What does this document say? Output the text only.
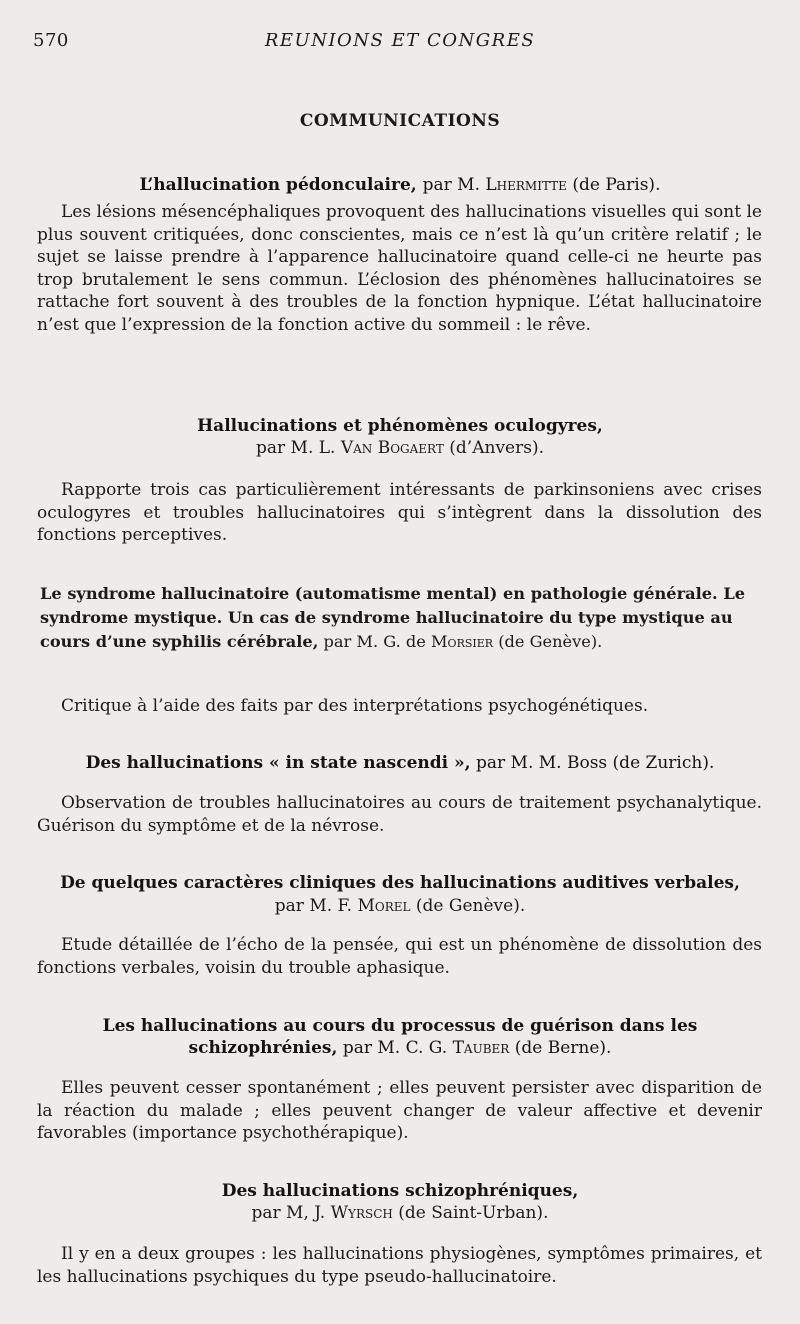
570	REUNIONS ET CONGRES
COMMUNICATIONS
L’hallucination pédonculaire, par M. Lhermitte (de Paris).

Les lésions mésencéphaliques provoquent des hallucinations visuelles qui sont le plus souvent critiquées, donc conscientes, mais ce n’est là qu’un critère relatif ; le sujet se laisse prendre à l’apparence hallucinatoire quand celle-ci ne heurte pas trop brutalement le sens commun. L’éclosion des phénomènes hallucinatoires se rattache fort souvent à des troubles de la fonction hypnique. L’état hallucinatoire n’est que l’expression de la fonction active du sommeil : le rêve.

Hallucinations et phénomènes oculogyres,
par M. L. Van Bogaert (d’Anvers).

Rapporte trois cas particulièrement intéressants de parkinsoniens avec crises oculogyres et troubles hallucinatoires qui s’intègrent dans la dissolution des fonctions perceptives.

Le syndrome hallucinatoire (automatisme mental) en pathologie générale. Le syndrome mystique. Un cas de syndrome hallucinatoire du type mystique au cours d’une syphilis cérébrale, par M. G. de Morsier (de Genève).

Critique à l’aide des faits par des interprétations psychogénétiques.

Des hallucinations « in state nascendi », par M. M. Boss (de Zurich).

Observation de troubles hallucinatoires au cours de traitement psychanalytique. Guérison du symptôme et de la névrose.

De quelques caractères cliniques des hallucinations auditives verbales,
par M. F. Morel (de Genève).

Etude détaillée de l’écho de la pensée, qui est un phénomène de dissolution des fonctions verbales, voisin du trouble aphasique.

Les hallucinations au cours du processus de guérison dans les schizophrénies, par M. C. G. Tauber (de Berne).

Elles peuvent cesser spontanément ; elles peuvent persister avec disparition de la réaction du malade ; elles peuvent changer de valeur affective et devenir favorables (importance psychothérapique).

Des hallucinations schizophréniques,
par M, J. Wyrsch (de Saint-Urban).

Il y en a deux groupes : les hallucinations physiogènes, symptômes primaires, et les hallucinations psychiques du type pseudo-hallucinatoire.
